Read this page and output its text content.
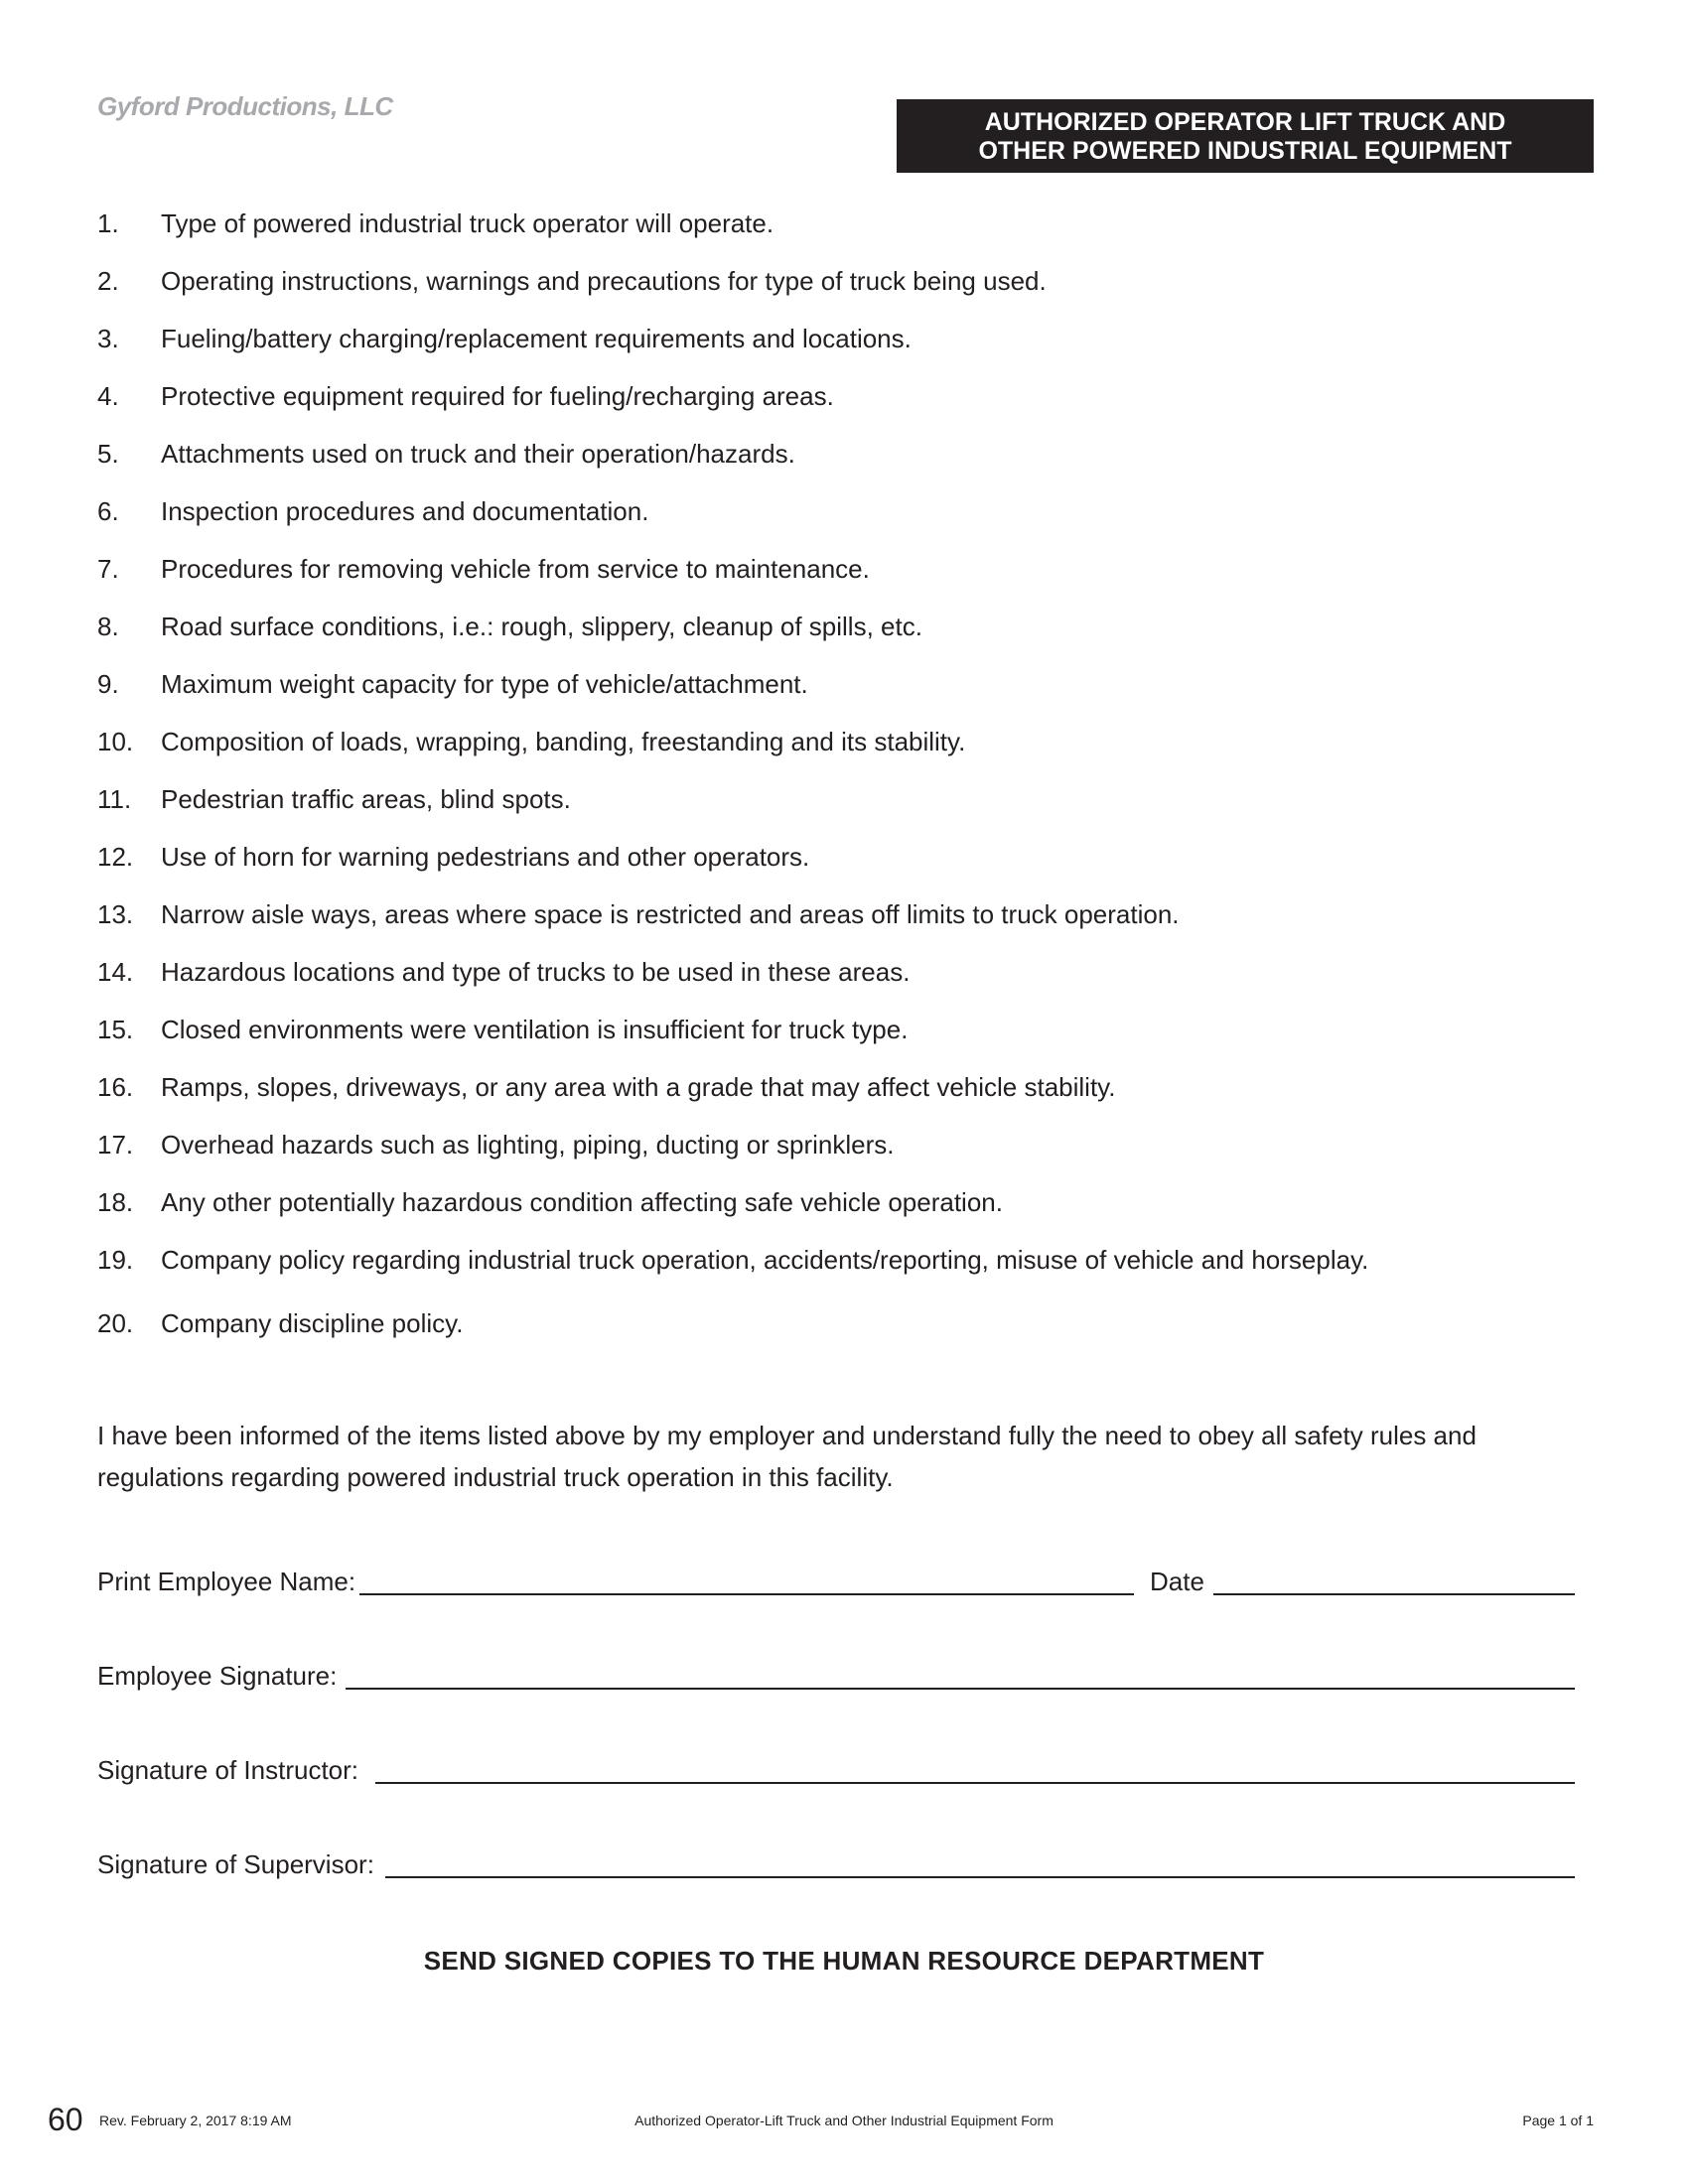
Gyford Productions, LLC
AUTHORIZED OPERATOR LIFT TRUCK AND
OTHER POWERED INDUSTRIAL EQUIPMENT
1.	Type of powered industrial truck operator will operate.
2.	Operating instructions, warnings and precautions for type of truck being used.
3.	Fueling/battery charging/replacement requirements and locations.
4.	Protective equipment required for fueling/recharging areas.
5.	Attachments used on truck and their operation/hazards.
6.	Inspection procedures and documentation.
7.	Procedures for removing vehicle from service to maintenance.
8.	Road surface conditions, i.e.: rough, slippery, cleanup of spills, etc.
9.	Maximum weight capacity for type of vehicle/attachment.
10.	Composition of loads, wrapping, banding, freestanding and its stability.
11.	Pedestrian traffic areas, blind spots.
12.	Use of horn for warning pedestrians and other operators.
13.	Narrow aisle ways, areas where space is restricted and areas off limits to truck operation.
14.	Hazardous locations and type of trucks to be used in these areas.
15.	Closed environments were ventilation is insufficient for truck type.
16.	Ramps, slopes, driveways, or any area with a grade that may affect vehicle stability.
17.	Overhead hazards such as lighting, piping, ducting or sprinklers.
18.	Any other potentially hazardous condition affecting safe vehicle operation.
19.	Company policy regarding industrial truck operation, accidents/reporting, misuse of vehicle and horseplay.
20.	Company discipline policy.
I have been informed of the items listed above by my employer and understand fully the need to obey all safety rules and regulations regarding powered industrial truck operation in this facility.
Print Employee Name:	Date
Employee Signature:
Signature of Instructor:
Signature of Supervisor:
SEND SIGNED COPIES TO THE HUMAN RESOURCE DEPARTMENT
60 Rev. February 2, 2017 8:19 AM	Authorized Operator-Lift Truck and Other Industrial Equipment Form	Page 1 of 1
